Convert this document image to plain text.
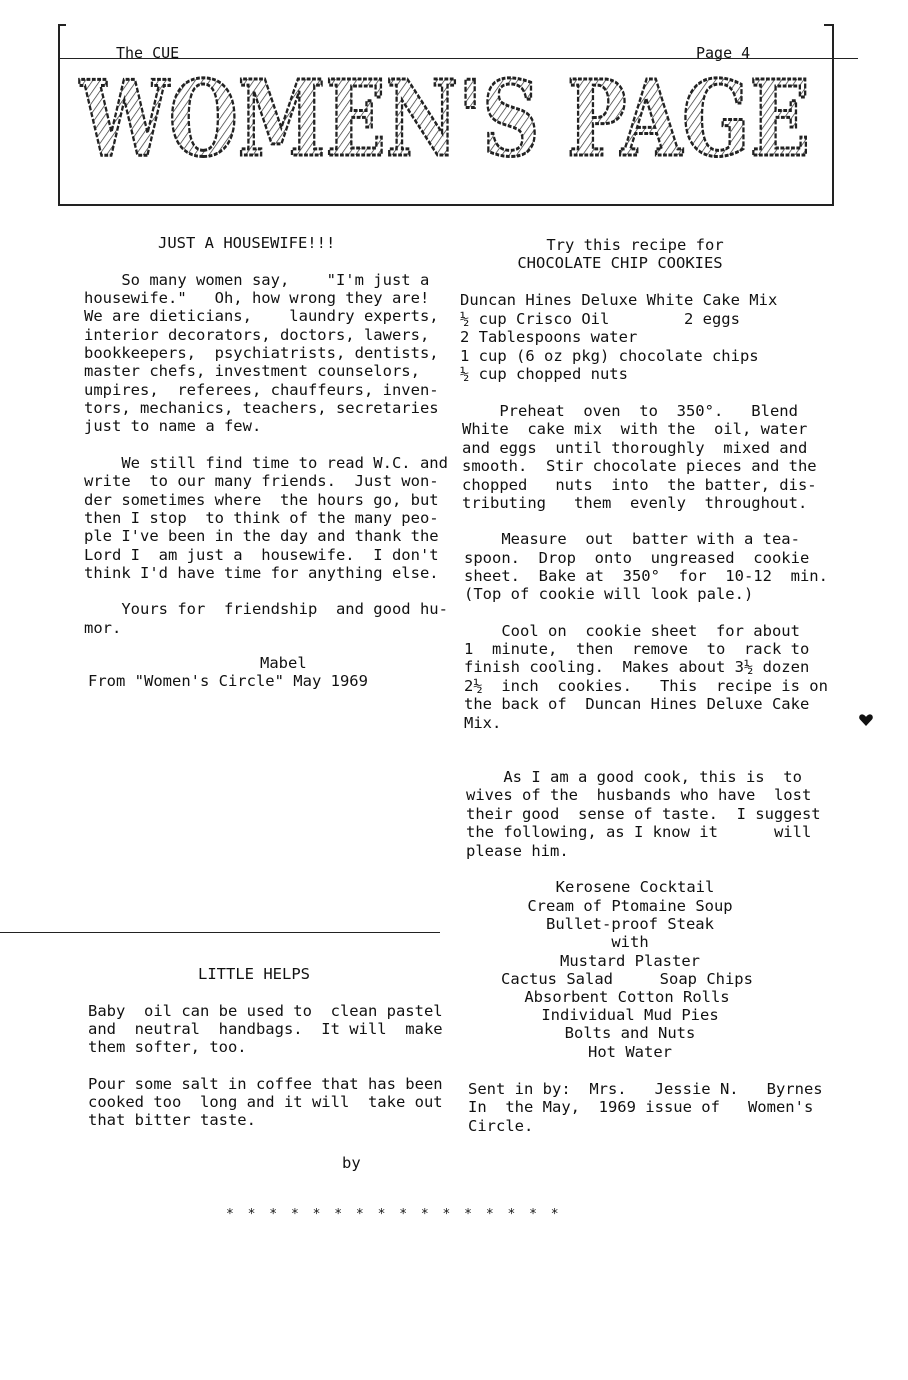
The CUE	Page 4
WOMEN'S PAGE
JUST A HOUSEWIFE!!!
So many women say,    "I'm just a
housewife."   Oh, how wrong they are!
We are dieticians,    laundry experts,
interior decorators, doctors, lawers,
bookkeepers,  psychiatrists, dentists,
master chefs, investment counselors,
umpires,  referees, chauffeurs, inven-
tors, mechanics, teachers, secretaries
just to name a few.
We still find time to read W.C. and
write  to our many friends.  Just won-
der sometimes where  the hours go, but
then I stop  to think of the many peo-
ple I've been in the day and thank the
Lord I  am just a  housewife.  I don't
think I'd have time for anything else.
Yours for  friendship  and good hu-
mor.
Mabel
From "Women's Circle" May 1969
LITTLE HELPS
Baby  oil can be used to  clean pastel
and  neutral  handbags.  It will  make
them softer, too.
Pour some salt in coffee that has been
cooked too  long and it will  take out
that bitter taste.
by
* * * * * * * * * * * * * * * *
Try this recipe for
CHOCOLATE CHIP COOKIES
Duncan Hines Deluxe White Cake Mix
½ cup Crisco Oil        2 eggs
2 Tablespoons water
1 cup (6 oz pkg) chocolate chips
½ cup chopped nuts
Preheat  oven  to  350°.   Blend
White  cake mix  with the  oil, water
and eggs  until thoroughly  mixed and
smooth.  Stir chocolate pieces and the
chopped   nuts  into  the batter, dis-
tributing   them  evenly  throughout.
Measure  out  batter with a tea-
spoon.  Drop  onto  ungreased  cookie
sheet.  Bake at  350°  for  10-12  min.
(Top of cookie will look pale.)
Cool on  cookie sheet  for about
1  minute,  then  remove  to  rack to
finish cooling.  Makes about 3½ dozen
2½  inch  cookies.   This  recipe is on
the back of  Duncan Hines Deluxe Cake
Mix.
As I am a good cook, this is  to
wives of the  husbands who have  lost
their good  sense of taste.  I suggest
the following, as I know it      will
please him.
Kerosene Cocktail
Cream of Ptomaine Soup
Bullet-proof Steak
with
Mustard Plaster
Cactus Salad     Soap Chips
Absorbent Cotton Rolls
Individual Mud Pies
Bolts and Nuts
Hot Water
Sent in by:  Mrs.   Jessie N.   Byrnes
In  the May,  1969 issue of   Women's
Circle.
